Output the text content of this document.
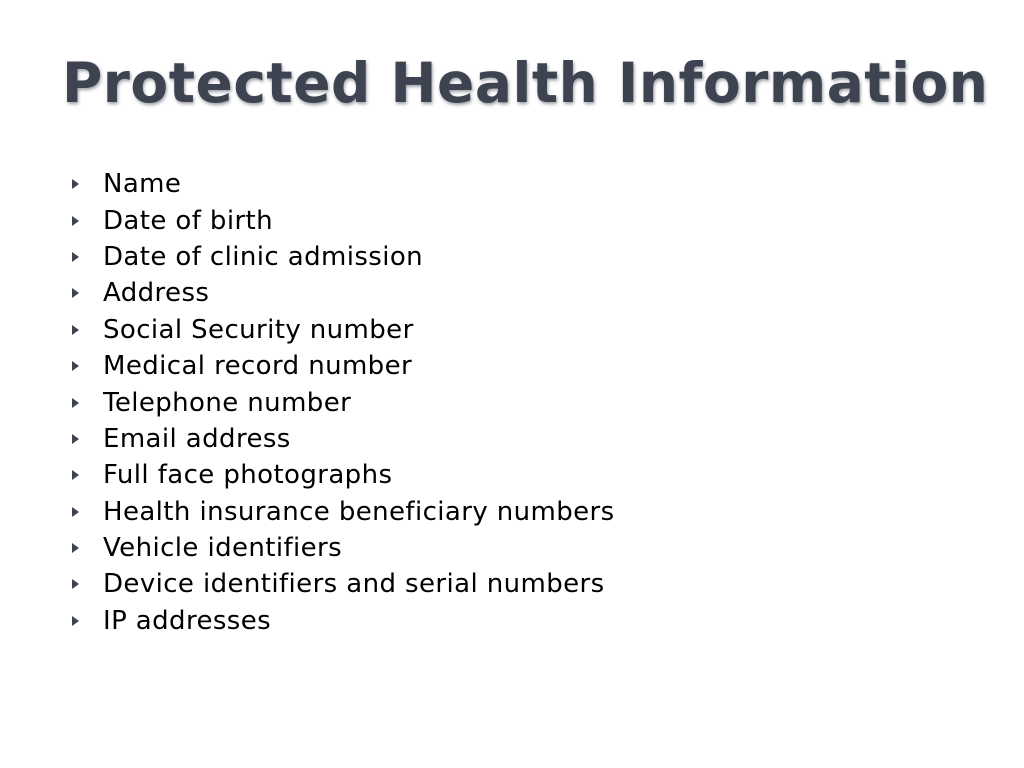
Protected Health Information
Name
Date of birth
Date of clinic admission
Address
Social Security number
Medical record number
Telephone number
Email address
Full face photographs
Health insurance beneficiary numbers
Vehicle identifiers
Device identifiers and serial numbers
IP addresses
